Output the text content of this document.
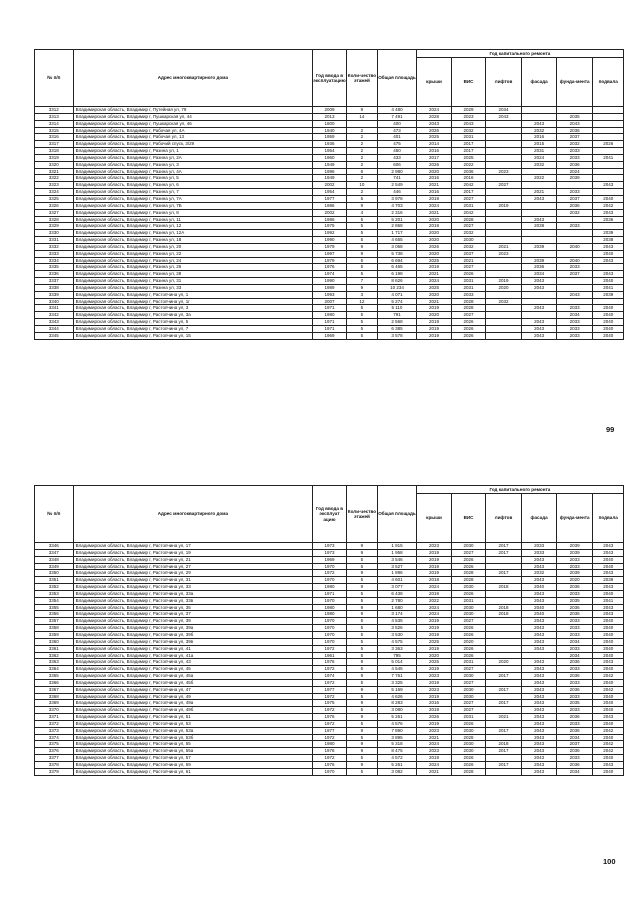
№ п/п	Адрес многоквартирного дома	Год ввода в эксплуатацию	Коли-чество этажей	Общая площадь	Год капитального ремонта					
					крыши	ВИС	лифтов	фасада	фунда-мента	подвала
3312	Владимирская область, Владимир г, Путейная ул, 79	2009	9	4 480	2024	2029	2034			
3313	Владимирская область, Владимир г, Пушкарская ул, 44	2013	14	7 491	2028	2023	2043		2035	
3314	Владимирская область, Владимир г, Пушкарская ул, 46	1800		400	2043	2043		2043	2043	
3315	Владимирская область, Владимир г, Рабочая ул, 4А	1940	2	473	2026	2032		2032	2036	
3316	Владимирская область, Владимир г, Рабочая ул, 13	1959	2	401	2025	2031		2016	2037	
3317	Владимирская область, Владимир г, Рабочий спуск, 3/29	1936	2	475	2014	2017		2015	2032	2026
3318	Владимирская область, Владимир г, Разина ул, 1	1954	2	450	2016	2017		2031	2033	
3319	Владимирская область, Владимир г, Разина ул, 2А	1960	2	433	2017	2025		2024	2033	2041
3320	Владимирская область, Владимир г, Разина ул, 3	1949	2	606	2026	2022		2032	2036	
3321	Владимирская область, Владимир г, Разина ул, 4А	1996	6	2 980	2020	2036	2023		2024	
3322	Владимирская область, Владимир г, Разина ул, 5	1949	2	741	2016	2016		2022	2039	
3323	Владимирская область, Владимир г, Разина ул, 6	2002	10	2 549	2021	2042	2027			2043
3324	Владимирская область, Владимир г, Разина ул, 7	1954	2	446	2016	2017		2021	2033	
3325	Владимирская область, Владимир г, Разина ул, 7А	1977	5	3 978	2019	2027		2043	2037	2040
3326	Владимирская область, Владимир г, Разина ул, 7Б	1986	9	4 703	2024	2031	2019		2036	2042
3327	Владимирская область, Владимир г, Разина ул, 8	2002	4	2 316	2021	2042			2032	2043
3328	Владимирская область, Владимир г, Разина ул, 11	1986	5	5 201	2020	2028		2043		2036
3329	Владимирская область, Владимир г, Разина ул, 12	1975	5	2 868	2019	2027		2038	2033	
3330	Владимирская область, Владимир г, Разина ул, 12А	1992	5	1 717	2020	2032				2039
3331	Владимирская область, Владимир г, Разина ул, 18	1990	5	4 655	2020	2030				2038
3332	Владимирская область, Владимир г, Разина ул, 20	1979	9	3 068	2026	2032	2021	2039	2040	2043
3333	Владимирская область, Владимир г, Разина ул, 22	1997	9	5 738	2020	2037	2023			2040
3334	Владимирская область, Владимир г, Разина ул, 24	1979	5	6 694	2025	2021		2039	2040	2043
3335	Владимирская область, Владимир г, Разина ул, 26	1976	5	6 465	2019	2027		2036	2033	
3336	Владимирская область, Владимир г, Разина ул, 28	1974	5	6 198	2021	2026		2034	2037	2043
3337	Владимирская область, Владимир г, Разина ул, 31	1990	7	8 626	2024	2031	2019	2043		2040
3338	Владимирская область, Владимир г, Разина ул, 33	1989	9	10 234	2025	2031	2020	2043		2041
3339	Владимирская область, Владимир г, Растопчина ул, 1	1993	3	4 071	2020	2033			2043	2039
3340	Владимирская область, Владимир г, Растопчина ул, 1г	2007	12	5 274	2021	2028	2032			
3341	Владимирская область, Владимир г, Растопчина ул, 3	1971	5	5 110	2019	2028		2043	2033	2040
3342	Владимирская область, Владимир г, Растопчина ул, 3а	1980	5	791	2020	2027			2034	2040
3343	Владимирская область, Владимир г, Растопчина ул, 5	1971	5	2 568	2019	2026		2043	2033	2040
3344	Владимирская область, Владимир г, Растопчина ул, 7	1971	5	6 385	2019	2026		2043	2033	2040
3345	Владимирская область, Владимир г, Растопчина ул, 15	1969	5	3 578	2019	2026		2043	2033	2040
99
№ п/п	Адрес многоквартирного дома	Год ввода в эксплуат ацию	Коли-чество этажей	Общая площадь	Год капитального ремонта					
					крыши	ВИС	лифтов	фасада	фунда-мента	подвала
3346	Владимирская область, Владимир г, Растопчина ул, 17	1973	9	1 915	2023	2030	2017	2033	2039	2043
3347	Владимирская область, Владимир г, Растопчина ул, 19	1973	9	1 958	2019	2027	2017	2033	2039	2043
3348	Владимирская область, Владимир г, Растопчина ул, 21	1969	5	3 546	2019	2026		2043	2033	2040
3349	Владимирская область, Владимир г, Растопчина ул, 27	1970	5	3 527	2019	2026		2043	2033	2040
3350	Владимирская область, Владимир г, Растопчина ул, 29	1972	9	1 896	2019	2028	2017	2032	2039	2043
3351	Владимирская область, Владимир г, Растопчина ул, 31	1970	5	4 601	2018	2028		2043	2020	2039
3352	Владимирская область, Владимир г, Растопчина ул, 33	1980	9	3 077	2024	2030	2018	2040	2036	2043
3353	Владимирская область, Владимир г, Растопчина ул, 33а	1971	5	6 438	2019	2026		2043	2033	2040
3354	Владимирская область, Владимир г, Растопчина ул, 33в	1970	5	2 780	2022	2031		2043	2035	2041
3355	Владимирская область, Владимир г, Растопчина ул, 35	1980	9	1 680	2024	2030	2018	2040	2036	2043
3356	Владимирская область, Владимир г, Растопчина ул, 37	1980	9	3 174	2024	2030	2018	2040	2036	2043
3357	Владимирская область, Владимир г, Растопчина ул, 39	1970	5	4 535	2019	2027		2043	2033	2040
3358	Владимирская область, Владимир г, Растопчина ул, 39а	1970	5	3 526	2019	2026		2043	2033	2040
3359	Владимирская область, Владимир г, Растопчина ул, 39б	1970	5	3 530	2019	2026		2043	2033	2040
3360	Владимирская область, Владимир г, Растопчина ул, 39в	1970	5	4 575	2025	2020		2043	2034	2040
3361	Владимирская область, Владимир г, Растопчина ул, 41	1972	5	3 363	2019	2026		2043	2033	2040
3362	Владимирская область, Владимир г, Растопчина ул, 41а	1961	5	795	2020	2026			2034	2040
3363	Владимирская область, Владимир г, Растопчина ул, 43	1976	9	5 014	2025	2031	2020	2043	2036	2043
3364	Владимирская область, Владимир г, Растопчина ул, 45	1972	5	4 545	2019	2027		2043	2033	2040
3365	Владимирская область, Владимир г, Растопчина ул, 45а	1974	9	7 761	2023	2030	2017	2043	2036	2042
3366	Владимирская область, Владимир г, Растопчина ул, 45б	1972	5	3 325	2019	2027		2043	2033	2040
3367	Владимирская область, Владимир г, Растопчина ул, 47	1977	9	5 169	2023	2030	2017	2043	2036	2042
3368	Владимирская область, Владимир г, Растопчина ул, 49	1972	5	4 626	2019	2030		2043	2033	2040
3369	Владимирская область, Владимир г, Растопчина ул, 49а	1975	9	8 283	2016	2027	2017	2043	2035	2040
3370	Владимирская область, Владимир г, Растопчина ул, 49б	1972	5	3 080	2019	2027		2043	2033	2040
3371	Владимирская область, Владимир г, Растопчина ул, 51	1976	9	5 261	2026	2031	2021	2043	2036	2043
3372	Владимирская область, Владимир г, Растопчина ул, 53	1972	5	4 576	2019	2026		2043	2033	2040
3373	Владимирская область, Владимир г, Растопчина ул, 53а	1977	9	7 890	2023	2030	2017	2043	2036	2042
3374	Владимирская область, Владимир г, Растопчина ул, 53б	1972	5	3 895	2021	2028		2043	2034	2040
3375	Владимирская область, Владимир г, Растопчина ул, 55	1980	9	5 318	2024	2030	2018	2043	2037	2042
3376	Владимирская область, Владимир г, Растопчина ул, 55а	1976	9	8 475	2023	2030	2017	2043	2036	2042
3377	Владимирская область, Владимир г, Растопчина ул, 57	1972	5	4 572	2019	2026		2043	2033	2040
3378	Владимирская область, Владимир г, Растопчина ул, 59	1976	9	5 261	2024	2026	2017	2043	2036	2043
3379	Владимирская область, Владимир г, Растопчина ул, 61	1970	5	3 082	2021	2028		2043	2034	2040
100
